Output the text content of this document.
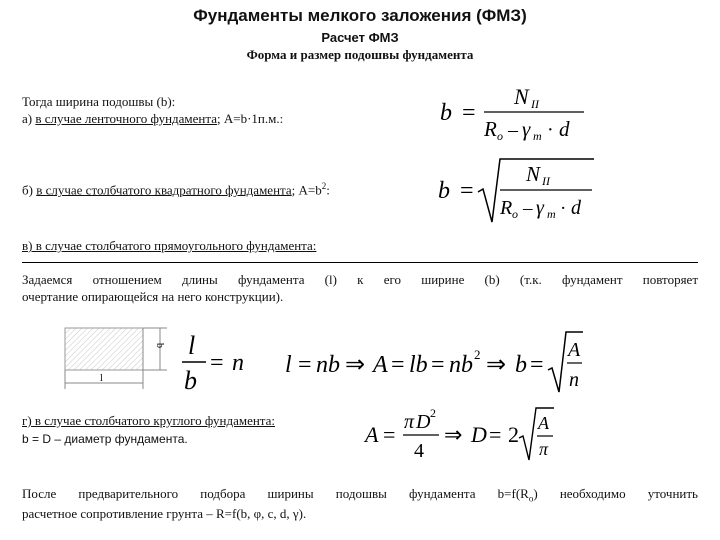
Фундаменты мелкого заложения (ФМЗ)
Расчет ФМЗ
Форма и размер подошвы фундамента
Тогда ширина подошвы (b):
а) в случае ленточного фундамента; A=b·1п.м.:	b =
N II
R o – γ m · d
б) в случае столбчатого квадратного фундамента; $A=b^2$:	b =
N II
R o – γ m · d
в) в случае столбчатого прямоугольного фундамента:
Задаемся отношением длины фундамента (l) к его ширине (b) (т.к. фундамент повторяет
очертание опирающейся на него конструкции).
b
l
l
b
= n l = nb ⇒ A = lb = nb 2 ⇒ b =
A
n
г) в случае столбчатого круглого фундамента:
b = D – диаметр фундамента.	A = π D 2
4
⇒ D = 2 A
π
После предварительного подбора ширины подошвы фундамента $b=f(R_o)$ необходимо уточнить
расчетное сопротивление грунта – R=f(b, φ, c, d, γ).
